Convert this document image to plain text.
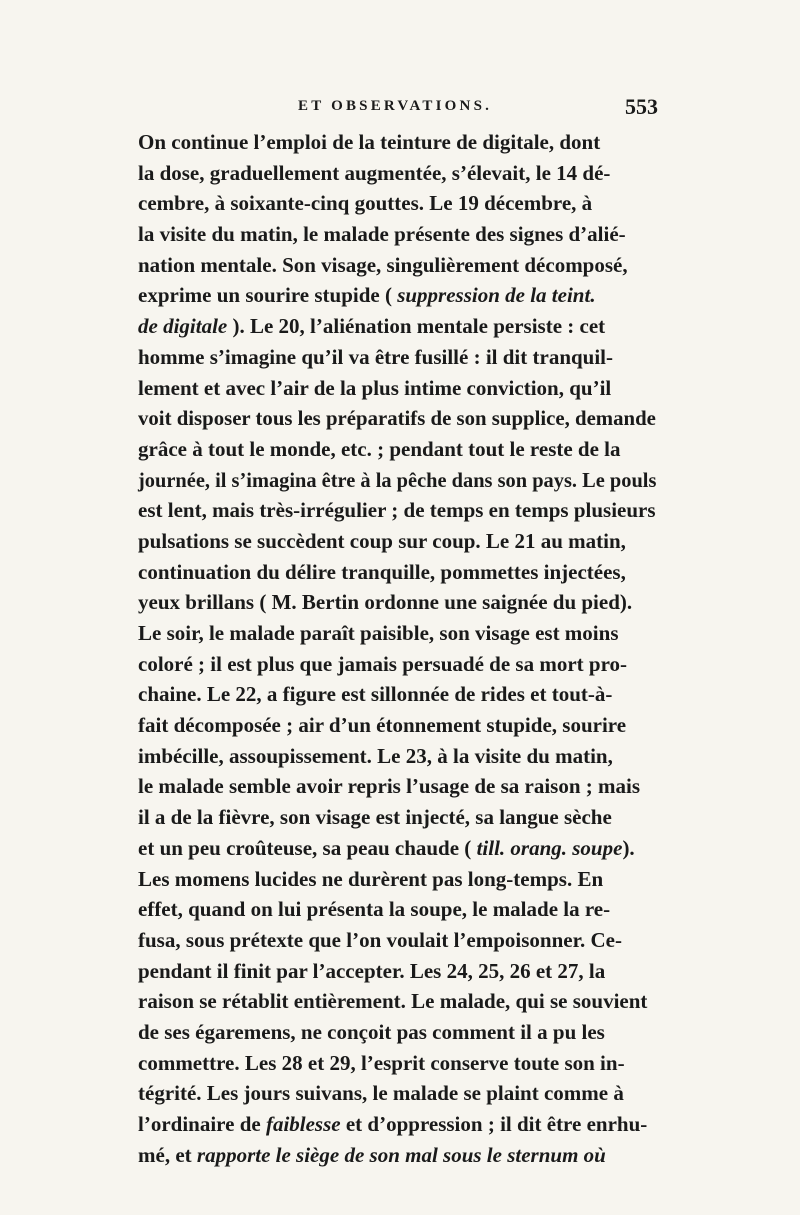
ET OBSERVATIONS.	553
On continue l’emploi de la teinture de digitale, dont
la dose, graduellement augmentée, s’élevait, le 14 dé-
cembre, à soixante-cinq gouttes. Le 19 décembre, à
la visite du matin, le malade présente des signes d’alié-
nation mentale. Son visage, singulièrement décomposé,
exprime un sourire stupide ( suppression de la teint.
de digitale ). Le 20, l’aliénation mentale persiste : cet
homme s’imagine qu’il va être fusillé : il dit tranquil-
lement et avec l’air de la plus intime conviction, qu’il
voit disposer tous les préparatifs de son supplice, demande
grâce à tout le monde, etc. ; pendant tout le reste de la
journée, il s’imagina être à la pêche dans son pays. Le pouls
est lent, mais très-irrégulier ; de temps en temps plusieurs
pulsations se succèdent coup sur coup. Le 21 au matin,
continuation du délire tranquille, pommettes injectées,
yeux brillans ( M. Bertin ordonne une saignée du pied).
Le soir, le malade paraît paisible, son visage est moins
coloré ; il est plus que jamais persuadé de sa mort pro-
chaine. Le 22, a figure est sillonnée de rides et tout-à-
fait décomposée ; air d’un étonnement stupide, sourire
imbécille, assoupissement. Le 23, à la visite du matin,
le malade semble avoir repris l’usage de sa raison ; mais
il a de la fièvre, son visage est injecté, sa langue sèche
et un peu croûteuse, sa peau chaude ( till. orang. soupe).
Les momens lucides ne durèrent pas long-temps. En
effet, quand on lui présenta la soupe, le malade la re-
fusa, sous prétexte que l’on voulait l’empoisonner. Ce-
pendant il finit par l’accepter. Les 24, 25, 26 et 27, la
raison se rétablit entièrement. Le malade, qui se souvient
de ses égaremens, ne conçoit pas comment il a pu les
commettre. Les 28 et 29, l’esprit conserve toute son in-
tégrité. Les jours suivans, le malade se plaint comme à
l’ordinaire de faiblesse et d’oppression ; il dit être enrhu-
mé, et rapporte le siège de son mal sous le sternum où
